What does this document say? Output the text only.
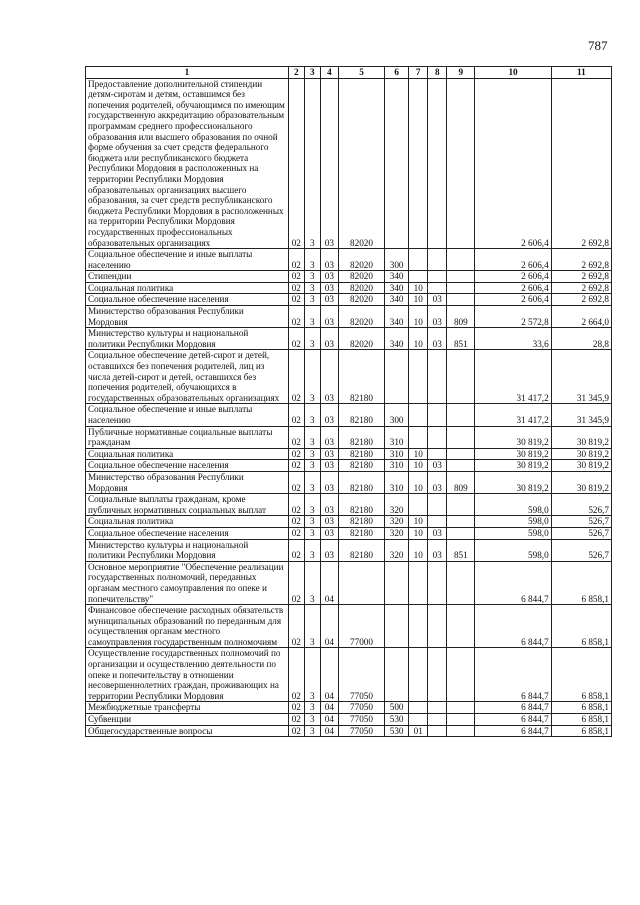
787
1	2	3	4	5	6	7	8	9	10	11
Предоставление дополнительной стипендии детям-сиротам и детям, оставшимся без попечения родителей, обучающимся по имеющим государственную аккредитацию образовательным программам среднего профессионального образования или высшего образования по очной форме обучения за счет средств федерального бюджета или республиканского бюджета Республики Мордовия в расположенных на территории Республики Мордовия образовательных организациях высшего образования, за счет средств республиканского бюджета Республики Мордовия в расположенных на территории Республики Мордовия государственных профессиональных образовательных организациях	02	3	03	82020					2 606,4	2 692,8
Социальное обеспечение и иные выплаты населению	02	3	03	82020	300				2 606,4	2 692,8
Стипендии	02	3	03	82020	340				2 606,4	2 692,8
Социальная политика	02	3	03	82020	340	10			2 606,4	2 692,8
Социальное обеспечение населения	02	3	03	82020	340	10	03		2 606,4	2 692,8
Министерство образования Республики Мордовия	02	3	03	82020	340	10	03	809	2 572,8	2 664,0
Министерство культуры и национальной политики Республики Мордовия	02	3	03	82020	340	10	03	851	33,6	28,8
Социальное обеспечение детей-сирот и детей, оставшихся без попечения родителей, лиц из числа детей-сирот и детей, оставшихся без попечения родителей, обучающихся в государственных образовательных организациях	02	3	03	82180					31 417,2	31 345,9
Социальное обеспечение и иные выплаты населению	02	3	03	82180	300				31 417,2	31 345,9
Публичные нормативные социальные выплаты гражданам	02	3	03	82180	310				30 819,2	30 819,2
Социальная политика	02	3	03	82180	310	10			30 819,2	30 819,2
Социальное обеспечение населения	02	3	03	82180	310	10	03		30 819,2	30 819,2
Министерство образования Республики Мордовия	02	3	03	82180	310	10	03	809	30 819,2	30 819,2
Социальные выплаты гражданам, кроме публичных нормативных социальных выплат	02	3	03	82180	320				598,0	526,7
Социальная политика	02	3	03	82180	320	10			598,0	526,7
Социальное обеспечение населения	02	3	03	82180	320	10	03		598,0	526,7
Министерство культуры и национальной политики Республики Мордовия	02	3	03	82180	320	10	03	851	598,0	526,7
Основное мероприятие "Обеспечение реализации государственных полномочий, переданных органам местного самоуправления по опеке и попечительству"	02	3	04						6 844,7	6 858,1
Финансовое обеспечение расходных обязательств муниципальных образований по переданным для осуществления органам местного самоуправления государственным полномочиям	02	3	04	77000					6 844,7	6 858,1
Осуществление государственных полномочий по организации и осуществлению деятельности по опеке и попечительству в отношении несовершеннолетних граждан, проживающих на территории Республики Мордовия	02	3	04	77050					6 844,7	6 858,1
Межбюджетные трансферты	02	3	04	77050	500				6 844,7	6 858,1
Субвенции	02	3	04	77050	530				6 844,7	6 858,1
Общегосударственные вопросы	02	3	04	77050	530	01			6 844,7	6 858,1
